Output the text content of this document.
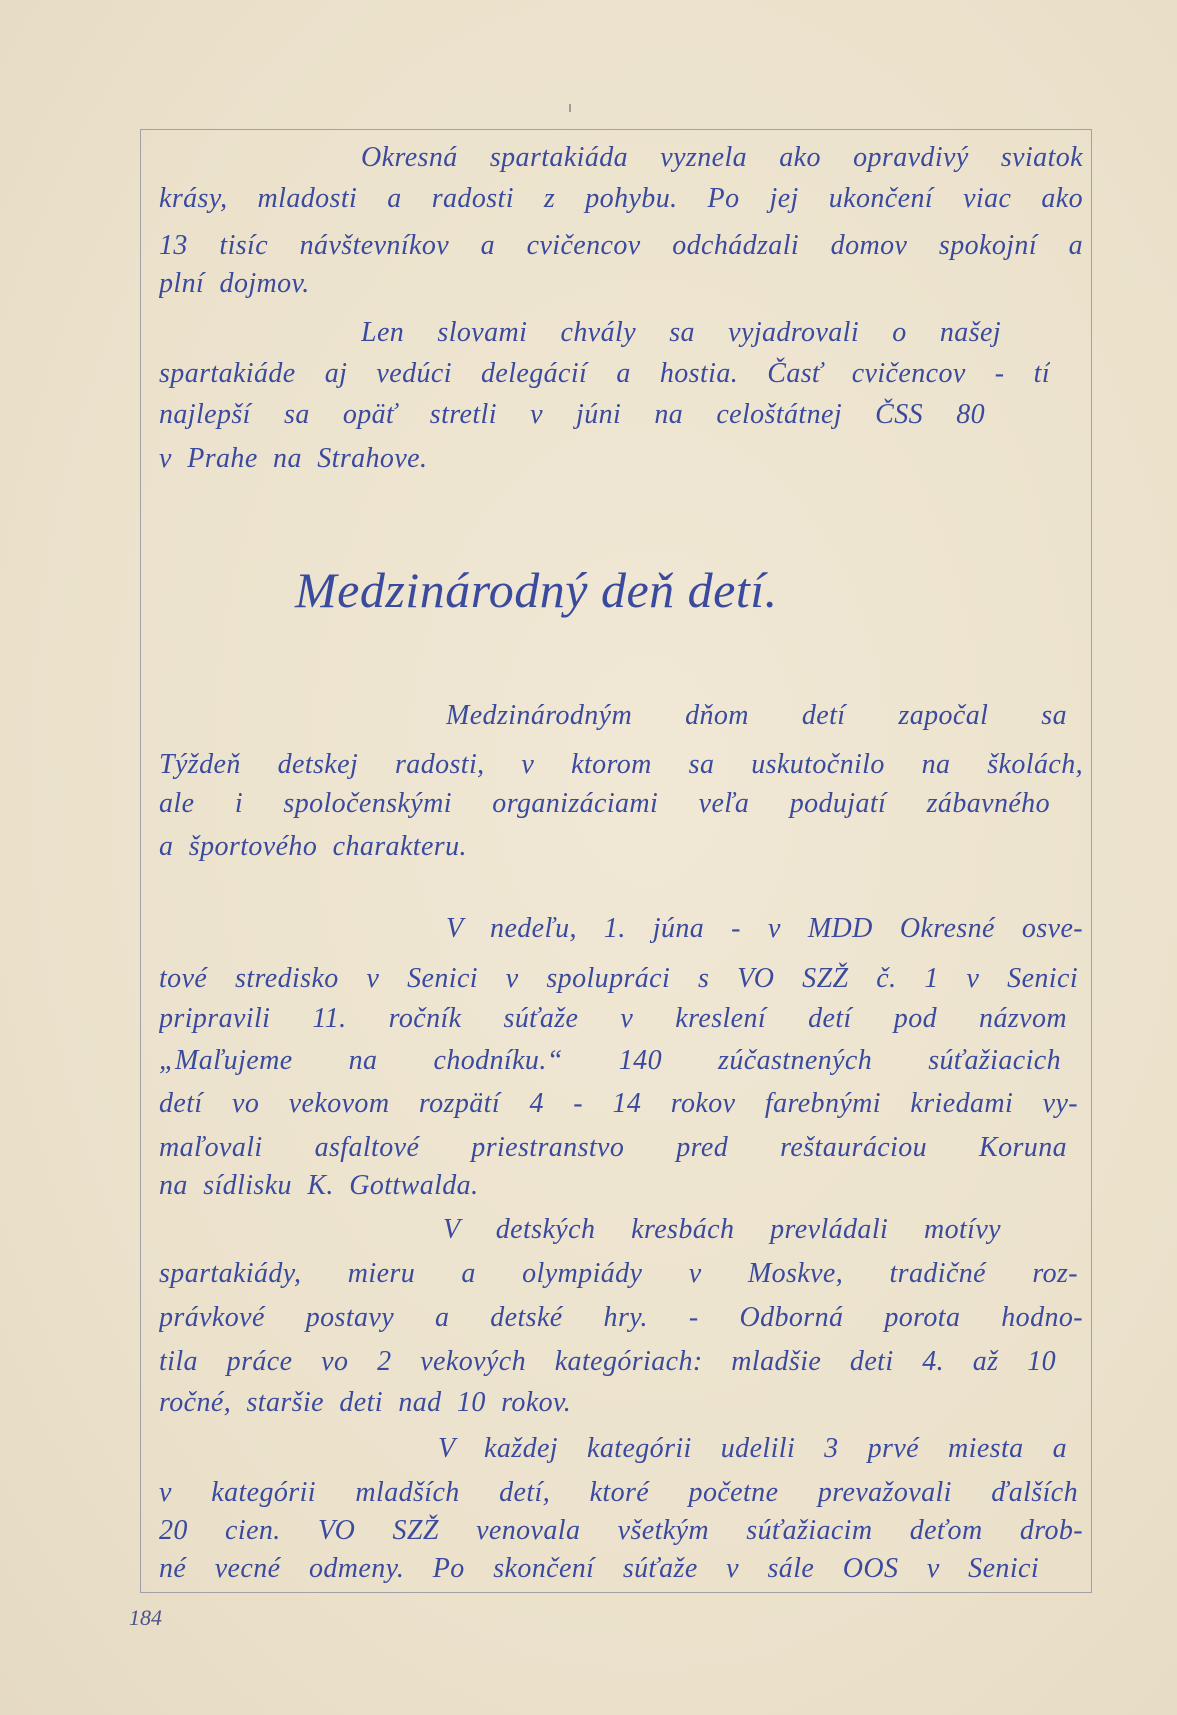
Okresná spartakiáda vyznela ako opravdivý sviatok
krásy, mladosti a radosti z pohybu. Po jej ukončení viac ako
13 tisíc návštevníkov a cvičencov odchádzali domov spokojní a
plní dojmov.
Len slovami chvály sa vyjadrovali o našej
spartakiáde aj vedúci delegácií a hostia. Časť cvičencov - tí
najlepší sa opäť stretli v júni na celoštátnej ČSS 80
v Prahe na Strahove.
Medzinárodný deň detí.
Medzinárodným dňom detí započal sa
Týždeň detskej radosti, v ktorom sa uskutočnilo na školách,
ale i spoločenskými organizáciami veľa podujatí zábavného
a športového charakteru.
V nedeľu, 1. júna - v MDD Okresné osve-
tové stredisko v Senici v spolupráci s VO SZŽ č. 1 v Senici
pripravili 11. ročník súťaže v kreslení detí pod názvom
„Maľujeme na chodníku.“ 140 zúčastnených súťažiacich
detí vo vekovom rozpätí 4 - 14 rokov farebnými kriedami vy-
maľovali asfaltové priestranstvo pred reštauráciou Koruna
na sídlisku K. Gottwalda.
V detských kresbách prevládali motívy
spartakiády, mieru a olympiády v Moskve, tradičné roz-
právkové postavy a detské hry. - Odborná porota hodno-
tila práce vo 2 vekových kategóriach: mladšie deti 4. až 10
ročné, staršie deti nad 10 rokov.
V každej kategórii udelili 3 prvé miesta a
v kategórii mladších detí, ktoré početne prevažovali ďalších
20 cien. VO SZŽ venovala všetkým súťažiacim deťom drob-
né vecné odmeny. Po skončení súťaže v sále OOS v Senici
184
